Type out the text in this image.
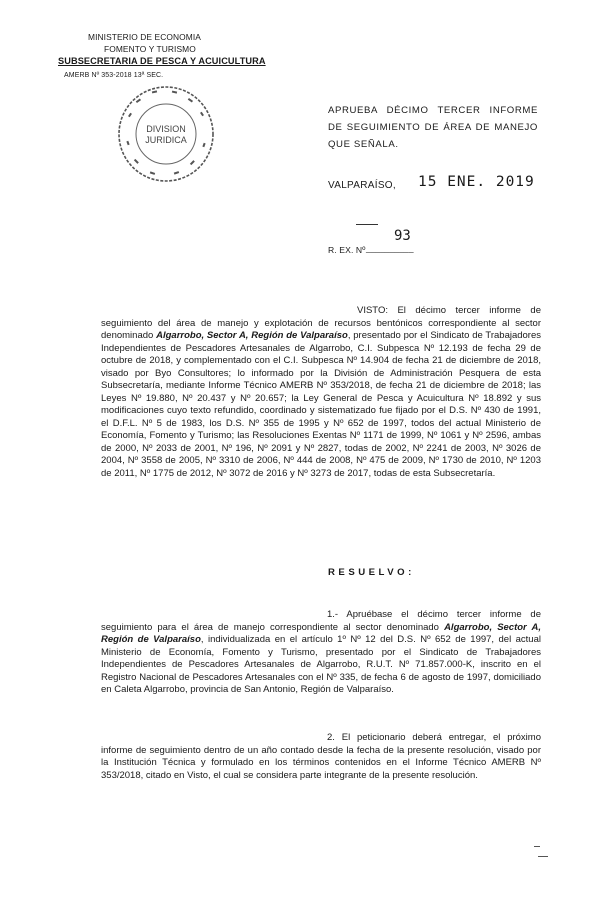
MINISTERIO DE ECONOMIA
FOMENTO Y TURISMO
SUBSECRETARIA DE PESCA Y ACUICULTURA
AMERB Nº 353-2018 13ª SEC.
DIVISION
JURIDICA
APRUEBA DÉCIMO TERCER INFORME DE SEGUIMIENTO DE ÁREA DE MANEJO QUE SEÑALA.
VALPARAÍSO, 15 ENE. 2019
R. EX. Nº
93
__________
VISTO: El décimo tercer informe de seguimiento del área de manejo y explotación de recursos bentónicos correspondiente al sector denominado Algarrobo, Sector A, Región de Valparaíso, presentado por el Sindicato de Trabajadores Independientes de Pescadores Artesanales de Algarrobo, C.I. Subpesca Nº 12.193 de fecha 29 de octubre de 2018, y complementado con el C.I. Subpesca Nº 14.904 de fecha 21 de diciembre de 2018, visado por Byo Consultores; lo informado por la División de Administración Pesquera de esta Subsecretaría, mediante Informe Técnico AMERB Nº 353/2018, de fecha 21 de diciembre de 2018; las Leyes Nº 19.880, Nº 20.437 y Nº 20.657; la Ley General de Pesca y Acuicultura Nº 18.892 y sus modificaciones cuyo texto refundido, coordinado y sistematizado fue fijado por el D.S. Nº 430 de 1991, el D.F.L. Nº 5 de 1983, los D.S. Nº 355 de 1995 y Nº 652 de 1997, todos del actual Ministerio de Economía, Fomento y Turismo; las Resoluciones Exentas Nº 1171 de 1999, Nº 1061 y Nº 2596, ambas de 2000, Nº 2033 de 2001, Nº 196, Nº 2091 y Nº 2827, todas de 2002, Nº 2241 de 2003, Nº 3026 de 2004, Nº 3558 de 2005, Nº 3310 de 2006, Nº 444 de 2008, Nº 475 de 2009, Nº 1730 de 2010, Nº 1203 de 2011, Nº 1775 de 2012, Nº 3072 de 2016 y Nº 3273 de 2017, todas de esta Subsecretaría.
RESUELVO:
1.- Apruébase el décimo tercer informe de seguimiento para el área de manejo correspondiente al sector denominado Algarrobo, Sector A, Región de Valparaíso, individualizada en el artículo 1º Nº 12 del D.S. Nº 652 de 1997, del actual Ministerio de Economía, Fomento y Turismo, presentado por el Sindicato de Trabajadores Independientes de Pescadores Artesanales de Algarrobo, R.U.T. Nº 71.857.000-K, inscrito en el Registro Nacional de Pescadores Artesanales con el Nº 335, de fecha 6 de agosto de 1997, domiciliado en Caleta Algarrobo, provincia de San Antonio, Región de Valparaíso.
2. El peticionario deberá entregar, el próximo informe de seguimiento dentro de un año contado desde la fecha de la presente resolución, visado por la Institución Técnica y formulado en los términos contenidos en el Informe Técnico AMERB Nº 353/2018, citado en Visto, el cual se considera parte integrante de la presente resolución.
